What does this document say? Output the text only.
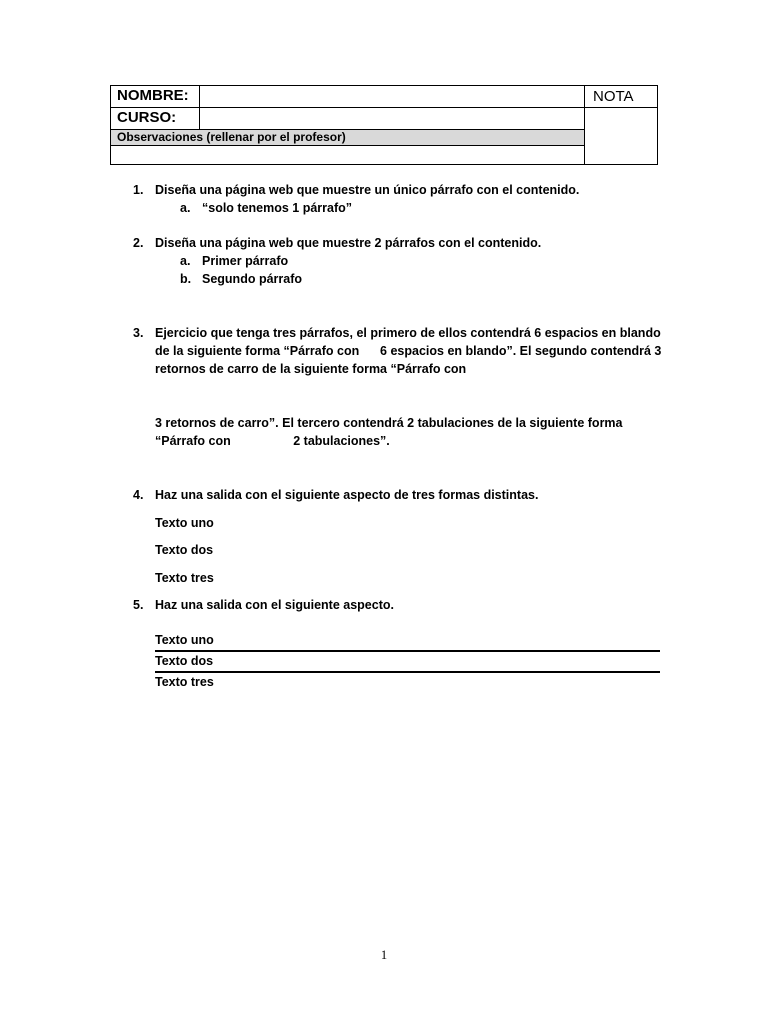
NOMBRE:	NOTA
CURSO:
Observaciones (rellenar por el profesor)
1. Diseña una página web que muestre un único párrafo con el contenido.
a. “solo tenemos 1 párrafo”
2. Diseña una página web que muestre 2 párrafos con el contenido.
a. Primer párrafo
b. Segundo párrafo
3. Ejercicio que tenga tres párrafos, el primero de ellos contendrá 6 espacios en blando
de la siguiente forma “Párrafo con      6 espacios en blando”. El segundo contendrá 3
retornos de carro de la siguiente forma “Párrafo con
3 retornos de carro”. El tercero contendrá 2 tabulaciones de la siguiente forma
“Párrafo con                  2 tabulaciones”.
4. Haz una salida con el siguiente aspecto de tres formas distintas.
Texto uno
Texto dos
Texto tres
5. Haz una salida con el siguiente aspecto.
Texto uno
Texto dos
Texto tres
1
